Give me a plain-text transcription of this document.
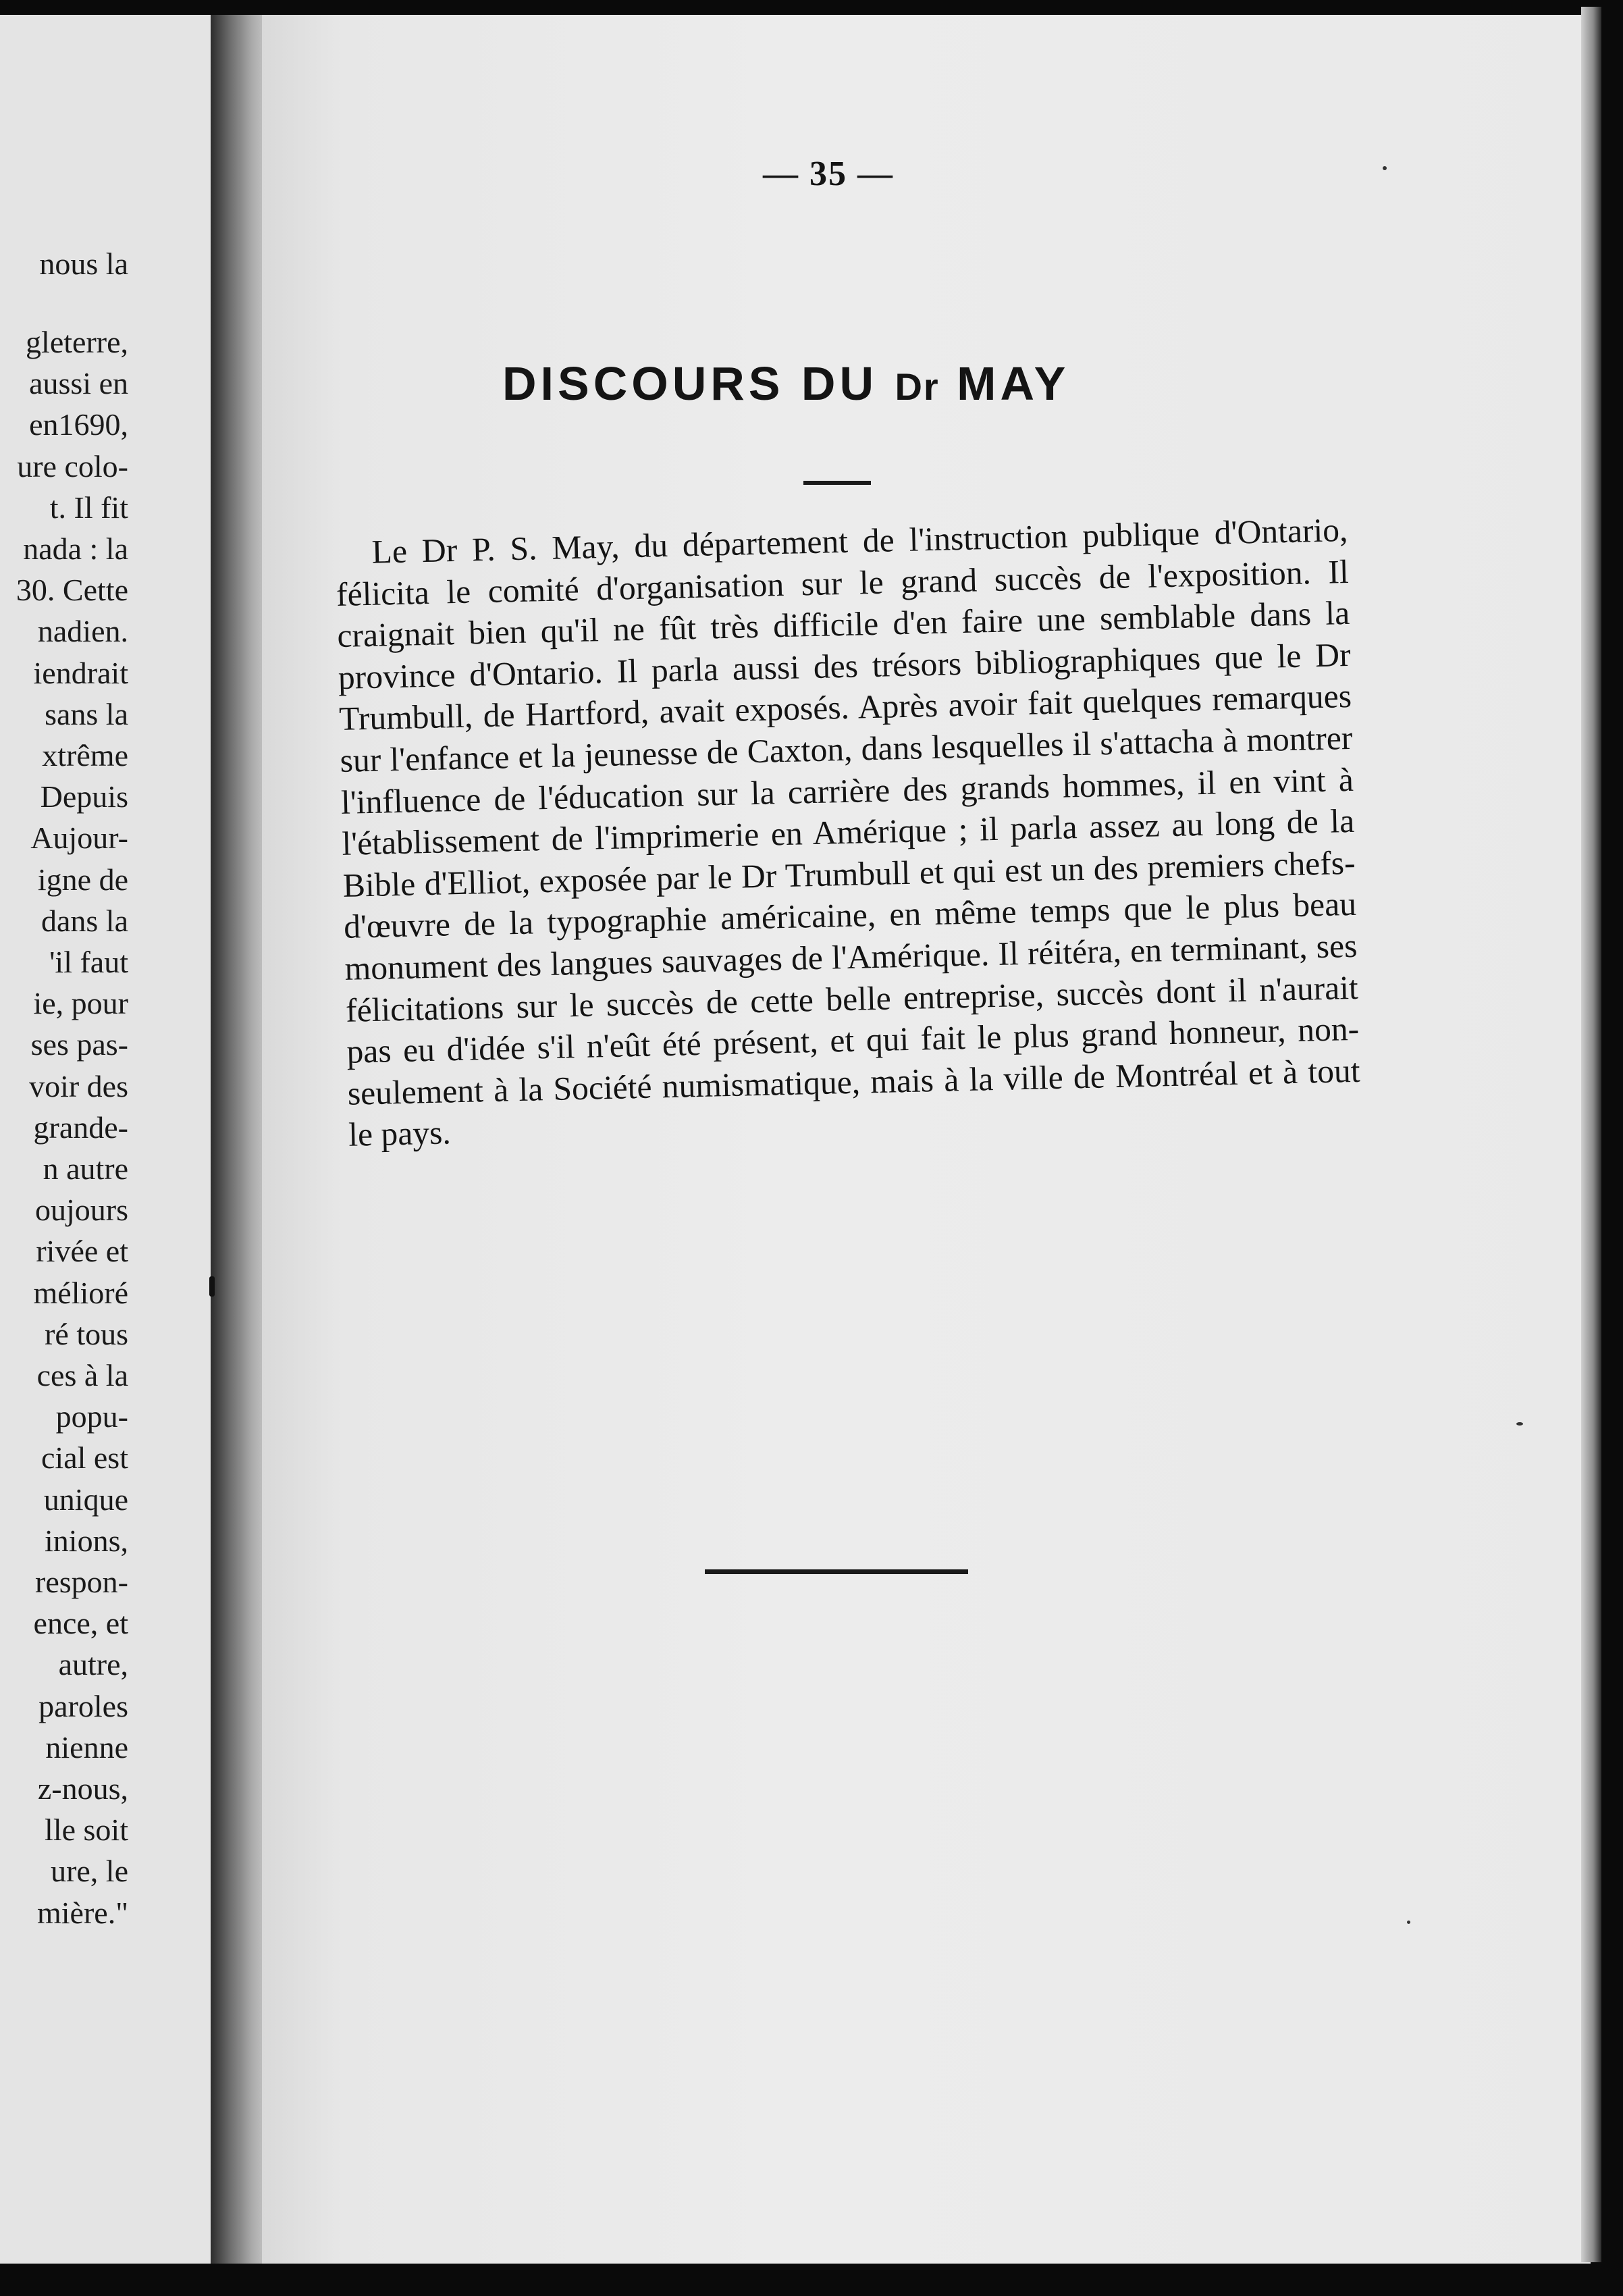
nous la
gleterre,
aussi en
en1690,
ure colo-
t. Il fit
nada : la
30. Cette
nadien.
iendrait
sans la
xtrême
Depuis
Aujour-
igne de
dans la
'il faut
ie, pour
ses pas-
voir des
grande-
n autre
oujours
rivée et
mélioré
ré tous
ces à la
popu-
cial est
unique
inions,
respon-
ence, et
autre,
paroles
nienne
z-nous,
lle soit
ure, le
mière."
— 35 —
DISCOURS DU Dr MAY
Le Dr P. S. May, du département de l'instruction publique d'Ontario, félicita le comité d'organisation sur le grand succès de l'exposition. Il craignait bien qu'il ne fût très difficile d'en faire une semblable dans la province d'Ontario. Il parla aussi des trésors bibliographiques que le Dr Trumbull, de Hartford, avait exposés. Après avoir fait quelques remarques sur l'enfance et la jeunesse de Caxton, dans lesquelles il s'attacha à montrer l'influence de l'éducation sur la carrière des grands hommes, il en vint à l'établissement de l'imprimerie en Amérique ; il parla assez au long de la Bible d'Elliot, exposée par le Dr Trumbull et qui est un des premiers chefs-d'œuvre de la typographie américaine, en même temps que le plus beau monument des langues sauvages de l'Amérique. Il réitéra, en terminant, ses félicitations sur le succès de cette belle entreprise, succès dont il n'aurait pas eu d'idée s'il n'eût été présent, et qui fait le plus grand honneur, non-seulement à la Société numismatique, mais à la ville de Montréal et à tout le pays.
